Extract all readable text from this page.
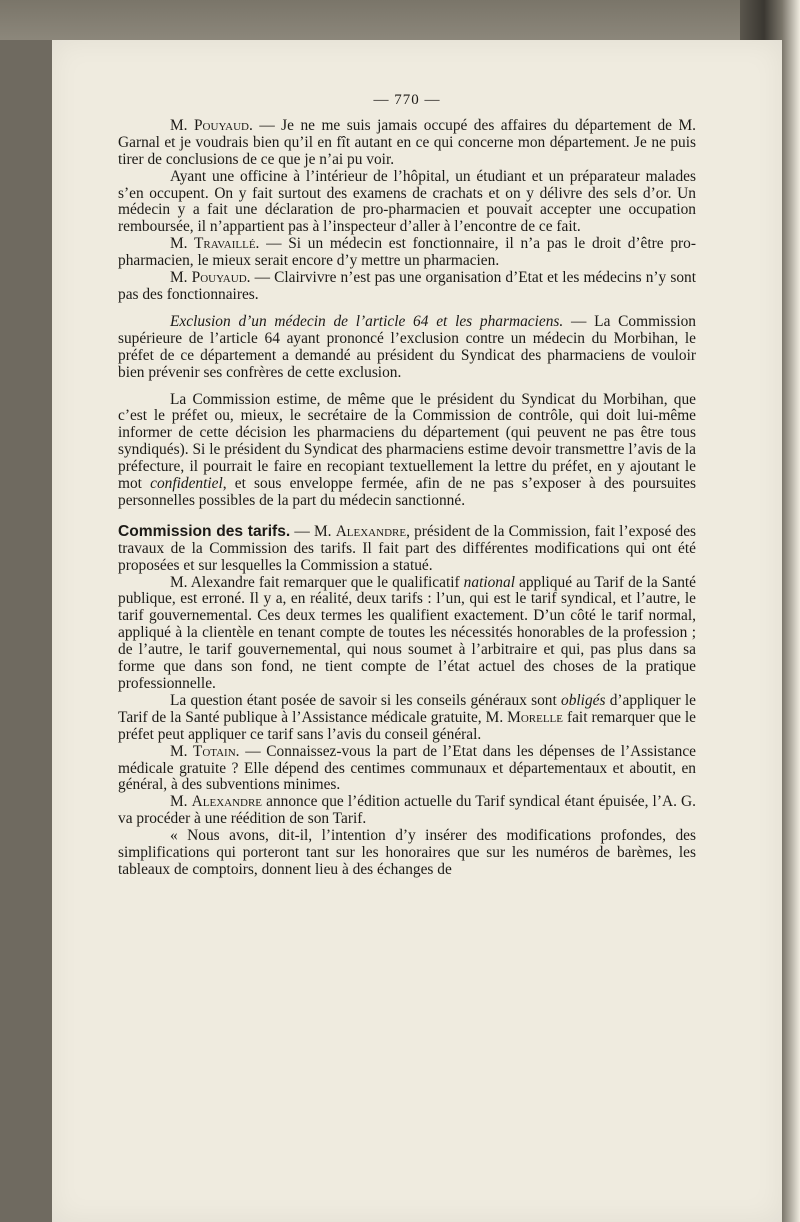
— 770 —

M. Pouyaud. — Je ne me suis jamais occupé des affaires du département de M. Garnal et je voudrais bien qu’il en fît autant en ce qui concerne mon département. Je ne puis tirer de conclusions de ce que je n’ai pu voir.

Ayant une officine à l’intérieur de l’hôpital, un étudiant et un préparateur malades s’en occupent. On y fait surtout des examens de crachats et on y délivre des sels d’or. Un médecin y a fait une déclaration de pro-pharmacien et pouvait accepter une occupation remboursée, il n’appartient pas à l’inspecteur d’aller à l’encontre de ce fait.

M. Travaillé. — Si un médecin est fonctionnaire, il n’a pas le droit d’être pro-pharmacien, le mieux serait encore d’y mettre un pharmacien.

M. Pouyaud. — Clairvivre n’est pas une organisation d’Etat et les médecins n’y sont pas des fonctionnaires.

Exclusion d’un médecin de l’article 64 et les pharmaciens. — La Commission supérieure de l’article 64 ayant prononcé l’exclusion contre un médecin du Morbihan, le préfet de ce département a demandé au président du Syndicat des pharmaciens de vouloir bien prévenir ses confrères de cette exclusion.

La Commission estime, de même que le président du Syndicat du Morbihan, que c’est le préfet ou, mieux, le secrétaire de la Commission de contrôle, qui doit lui-même informer de cette décision les pharmaciens du département (qui peuvent ne pas être tous syndiqués). Si le président du Syndicat des pharmaciens estime devoir transmettre l’avis de la préfecture, il pourrait le faire en recopiant textuellement la lettre du préfet, en y ajoutant le mot confidentiel, et sous enveloppe fermée, afin de ne pas s’exposer à des poursuites personnelles possibles de la part du médecin sanctionné.

Commission des tarifs. — M. Alexandre, président de la Commission, fait l’exposé des travaux de la Commission des tarifs. Il fait part des différentes modifications qui ont été proposées et sur lesquelles la Commission a statué.

M. Alexandre fait remarquer que le qualificatif national appliqué au Tarif de la Santé publique, est erroné. Il y a, en réalité, deux tarifs : l’un, qui est le tarif syndical, et l’autre, le tarif gouvernemental. Ces deux termes les qualifient exactement. D’un côté le tarif normal, appliqué à la clientèle en tenant compte de toutes les nécessités honorables de la profession ; de l’autre, le tarif gouvernemental, qui nous soumet à l’arbitraire et qui, pas plus dans sa forme que dans son fond, ne tient compte de l’état actuel des choses de la pratique professionnelle.

La question étant posée de savoir si les conseils généraux sont obligés d’appliquer le Tarif de la Santé publique à l’Assistance médicale gratuite, M. Morelle fait remarquer que le préfet peut appliquer ce tarif sans l’avis du conseil général.

M. Totain. — Connaissez-vous la part de l’Etat dans les dépenses de l’Assistance médicale gratuite ? Elle dépend des centimes communaux et départementaux et aboutit, en général, à des subventions minimes.

M. Alexandre annonce que l’édition actuelle du Tarif syndical étant épuisée, l’A. G. va procéder à une réédition de son Tarif.

« Nous avons, dit-il, l’intention d’y insérer des modifications profondes, des simplifications qui porteront tant sur les honoraires que sur les numéros de barèmes, les tableaux de comptoirs, donnent lieu à des échanges de
